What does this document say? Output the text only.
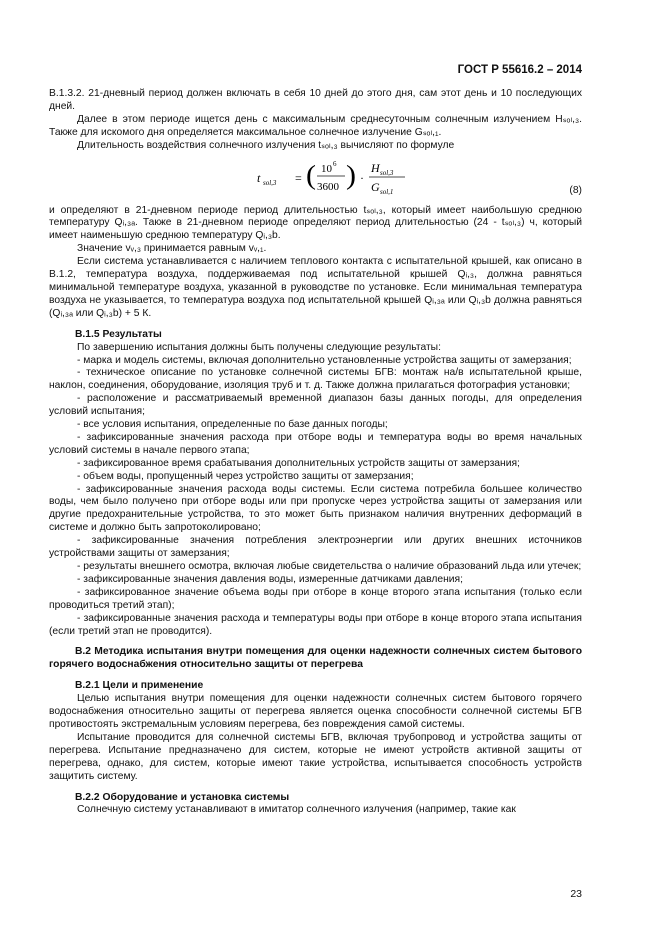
ГОСТ Р 55616.2 – 2014

В.1.3.2. 21-дневный период должен включать в себя 10 дней до этого дня, сам этот день и 10 последующих дней.

Далее в этом периоде ищется день с максимальным среднесуточным солнечным излучением Hₛₒₗ,₃. Также для искомого дня определяется максимальное солнечное излучение Gₛₒₗ,₁.

Длительность воздействия солнечного излучения tₛₒₗ,₃ вычисляют по формуле

t sol,3 = ( 10 6
3600 ) ·
H sol,3
G sol,1	(8)

и определяют в 21-дневном периоде период длительностью tₛₒₗ,₃, который имеет наибольшую среднюю температуру Qᵢ,₃ₐ. Также в 21-дневном периоде определяют период длительностью (24 - tₛₒₗ,₃) ч, который имеет наименьшую среднюю температуру Qᵢ,₃b.

Значение vᵥ,₃ принимается равным vᵥ,₁.

Если система устанавливается с наличием теплового контакта с испытательной крышей, как описано в В.1.2, температура воздуха, поддерживаемая под испытательной крышей Qᵢ,₃, должна равняться минимальной температуре воздуха, указанной в руководстве по установке. Если минимальная температура воздуха не указывается, то температура воздуха под испытательной крышей Qᵢ,₃ₐ или Qᵢ,₃b должна равняться (Qᵢ,₃ₐ или Qᵢ,₃b) + 5 К.

В.1.5 Результаты

По завершению испытания должны быть получены следующие результаты:

- марка и модель системы, включая дополнительно установленные устройства защиты от замерзания;

- техническое описание по установке солнечной системы БГВ: монтаж на/в испытательной крыше, наклон, соединения, оборудование, изоляция труб и т. д. Также должна прилагаться фотография установки;

- расположение и рассматриваемый временной диапазон базы данных погоды, для определения условий испытания;

- все условия испытания, определенные по базе данных погоды;

- зафиксированные значения расхода при отборе воды и температура воды во время начальных условий системы в начале первого этапа;

- зафиксированное время срабатывания дополнительных устройств защиты от замерзания;

- объем воды, пропущенный через устройство защиты от замерзания;

- зафиксированные значения расхода воды системы. Если система потребила большее количество воды, чем было получено при отборе воды или при пропуске через устройства защиты от замерзания или другие предохранительные устройства, то это может быть признаком наличия внутренних деформаций в системе и должно быть запротоколировано;

- зафиксированные значения потребления электроэнергии или других внешних источников устройствами защиты от замерзания;

- результаты внешнего осмотра, включая любые свидетельства о наличие образований льда или утечек;

- зафиксированные значения давления воды, измеренные датчиками давления;

- зафиксированное значение объема воды при отборе в конце второго этапа испытания (только если проводиться третий этап);

- зафиксированные значения расхода и температуры воды при отборе в конце второго этапа испытания (если третий этап не проводится).

В.2 Методика испытания внутри помещения для оценки надежности солнечных систем бытового горячего водоснабжения относительно защиты от перегрева
В.2.1 Цели и применение

Целью испытания внутри помещения для оценки надежности солнечных систем бытового горячего водоснабжения относительно защиты от перегрева является оценка способности солнечной системы БГВ противостоять экстремальным условиям перегрева, без повреждения самой системы.

Испытание проводится для солнечной системы БГВ, включая трубопровод и устройства защиты от перегрева. Испытание предназначено для систем, которые не имеют устройств активной защиты от перегрева, однако, для систем, которые имеют такие устройства, испытывается способность устройств защитить систему.

В.2.2 Оборудование и установка системы

Солнечную систему устанавливают в имитатор солнечного излучения (например, такие как

23
